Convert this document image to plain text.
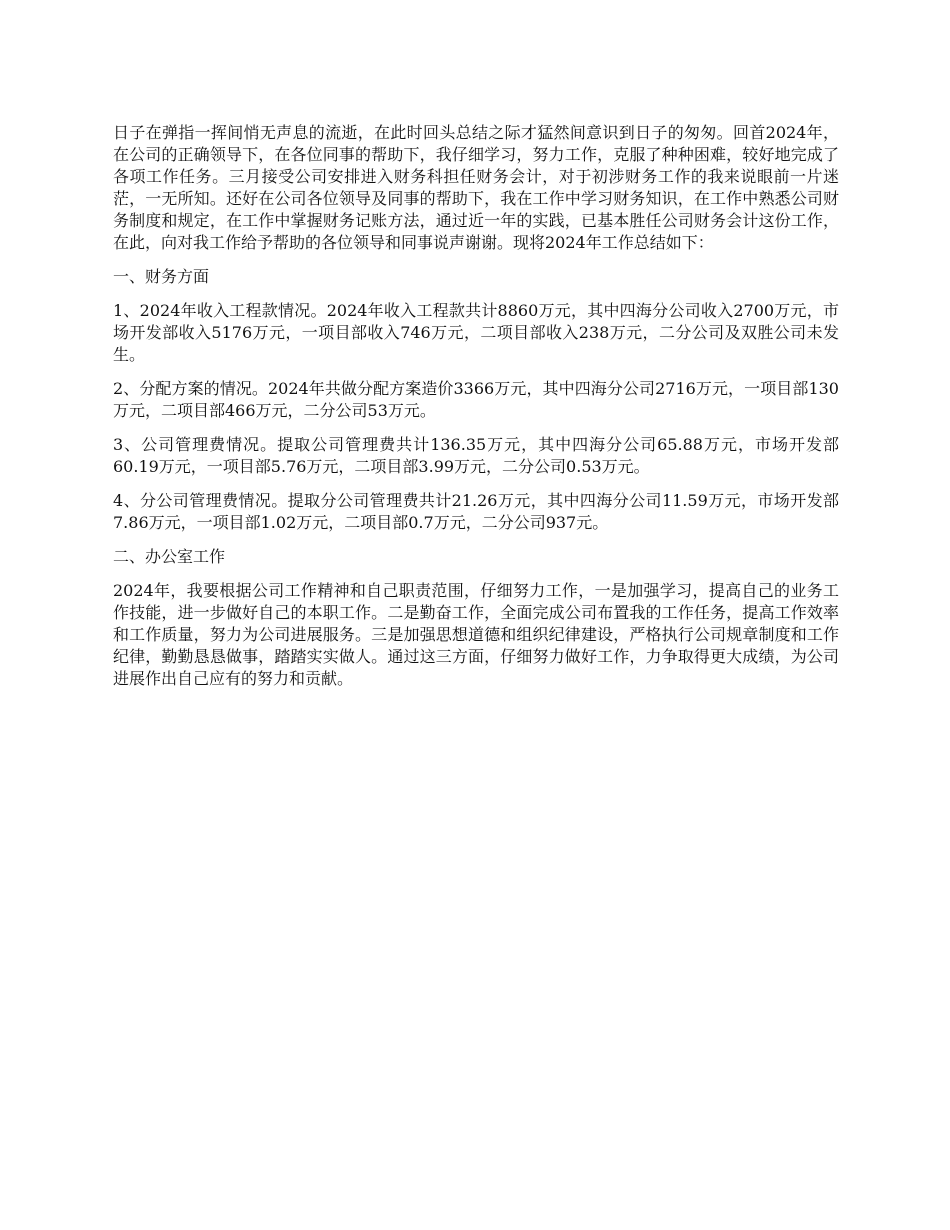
日子在弹指一挥间悄无声息的流逝，在此时回头总结之际才猛然间意识到日子的匆匆。回首2024年，在公司的正确领导下，在各位同事的帮助下，我仔细学习，努力工作，克服了种种困难，较好地完成了各项工作任务。三月接受公司安排进入财务科担任财务会计，对于初涉财务工作的我来说眼前一片迷茫，一无所知。还好在公司各位领导及同事的帮助下，我在工作中学习财务知识，在工作中熟悉公司财务制度和规定，在工作中掌握财务记账方法，通过近一年的实践，已基本胜任公司财务会计这份工作，在此，向对我工作给予帮助的各位领导和同事说声谢谢。现将2024年工作总结如下：

一、财务方面

1、2024年收入工程款情况。2024年收入工程款共计8860万元，其中四海分公司收入2700万元，市场开发部收入5176万元，一项目部收入746万元，二项目部收入238万元，二分公司及双胜公司未发生。

2、分配方案的情况。2024年共做分配方案造价3366万元，其中四海分公司2716万元，一项目部130万元，二项目部466万元，二分公司53万元。

3、公司管理费情况。提取公司管理费共计136.35万元，其中四海分公司65.88万元，市场开发部60.19万元，一项目部5.76万元，二项目部3.99万元，二分公司0.53万元。

4、分公司管理费情况。提取分公司管理费共计21.26万元，其中四海分公司11.59万元，市场开发部7.86万元，一项目部1.02万元，二项目部0.7万元，二分公司937元。

二、办公室工作

2024年，我要根据公司工作精神和自己职责范围，仔细努力工作，一是加强学习，提高自己的业务工作技能，进一步做好自己的本职工作。二是勤奋工作，全面完成公司布置我的工作任务，提高工作效率和工作质量，努力为公司进展服务。三是加强思想道德和组织纪律建设，严格执行公司规章制度和工作纪律，勤勤恳恳做事，踏踏实实做人。通过这三方面，仔细努力做好工作，力争取得更大成绩，为公司进展作出自己应有的努力和贡献。
